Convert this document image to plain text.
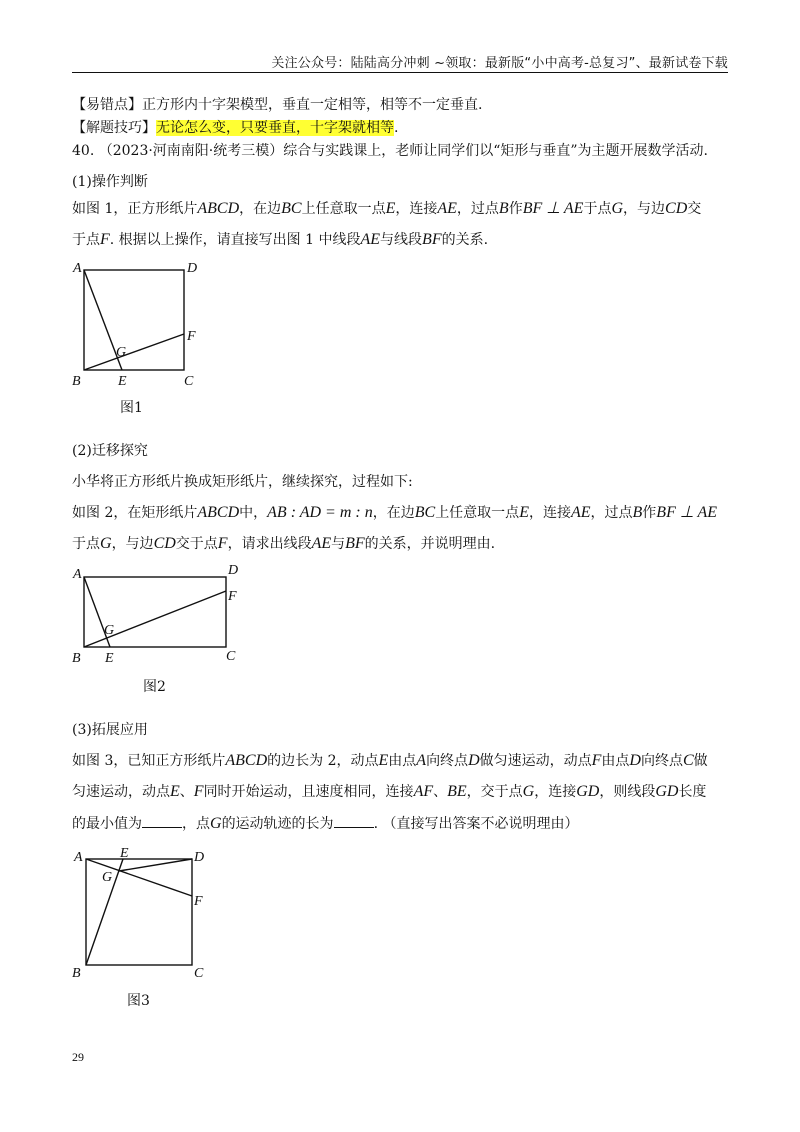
关注公众号：陆陆高分冲刺 ~领取：最新版“小中高考-总复习”、最新试卷下载
【易错点】正方形内十字架模型，垂直一定相等，相等不一定垂直.
【解题技巧】无论怎么变，只要垂直，十字架就相等.
40. （2023·河南南阳·统考三模）综合与实践课上，老师让同学们以“矩形与垂直”为主题开展数学活动.
(1)操作判断
如图 1，正方形纸片ABCD，在边BC上任意取一点E，连接AE，过点B作BF ⊥ AE于点G，与边CD交
于点F. 根据以上操作，请直接写出图 1 中线段AE与线段BF的关系.
A	D
B	E	C
F
G
图1
(2)迁移探究
小华将正方形纸片换成矩形纸片，继续探究，过程如下:
如图 2，在矩形纸片ABCD中，AB : AD = m : n，在边BC上任意取一点E，连接AE，过点B作BF ⊥ AE
于点G，与边CD交于点F，请求出线段AE与BF的关系，并说明理由.
A	D
B E	C
F
G
图2
(3)拓展应用
如图 3，已知正方形纸片ABCD的边长为 2，动点E由点A向终点D做匀速运动，动点F由点D向终点C做
匀速运动，动点E、F同时开始运动，且速度相同，连接AF、BE，交于点G，连接GD，则线段GD长度
的最小值为	，点G的运动轨迹的长为	. （直接写出答案不必说明理由）
A	E	D
G
F
B	C
图3
29
